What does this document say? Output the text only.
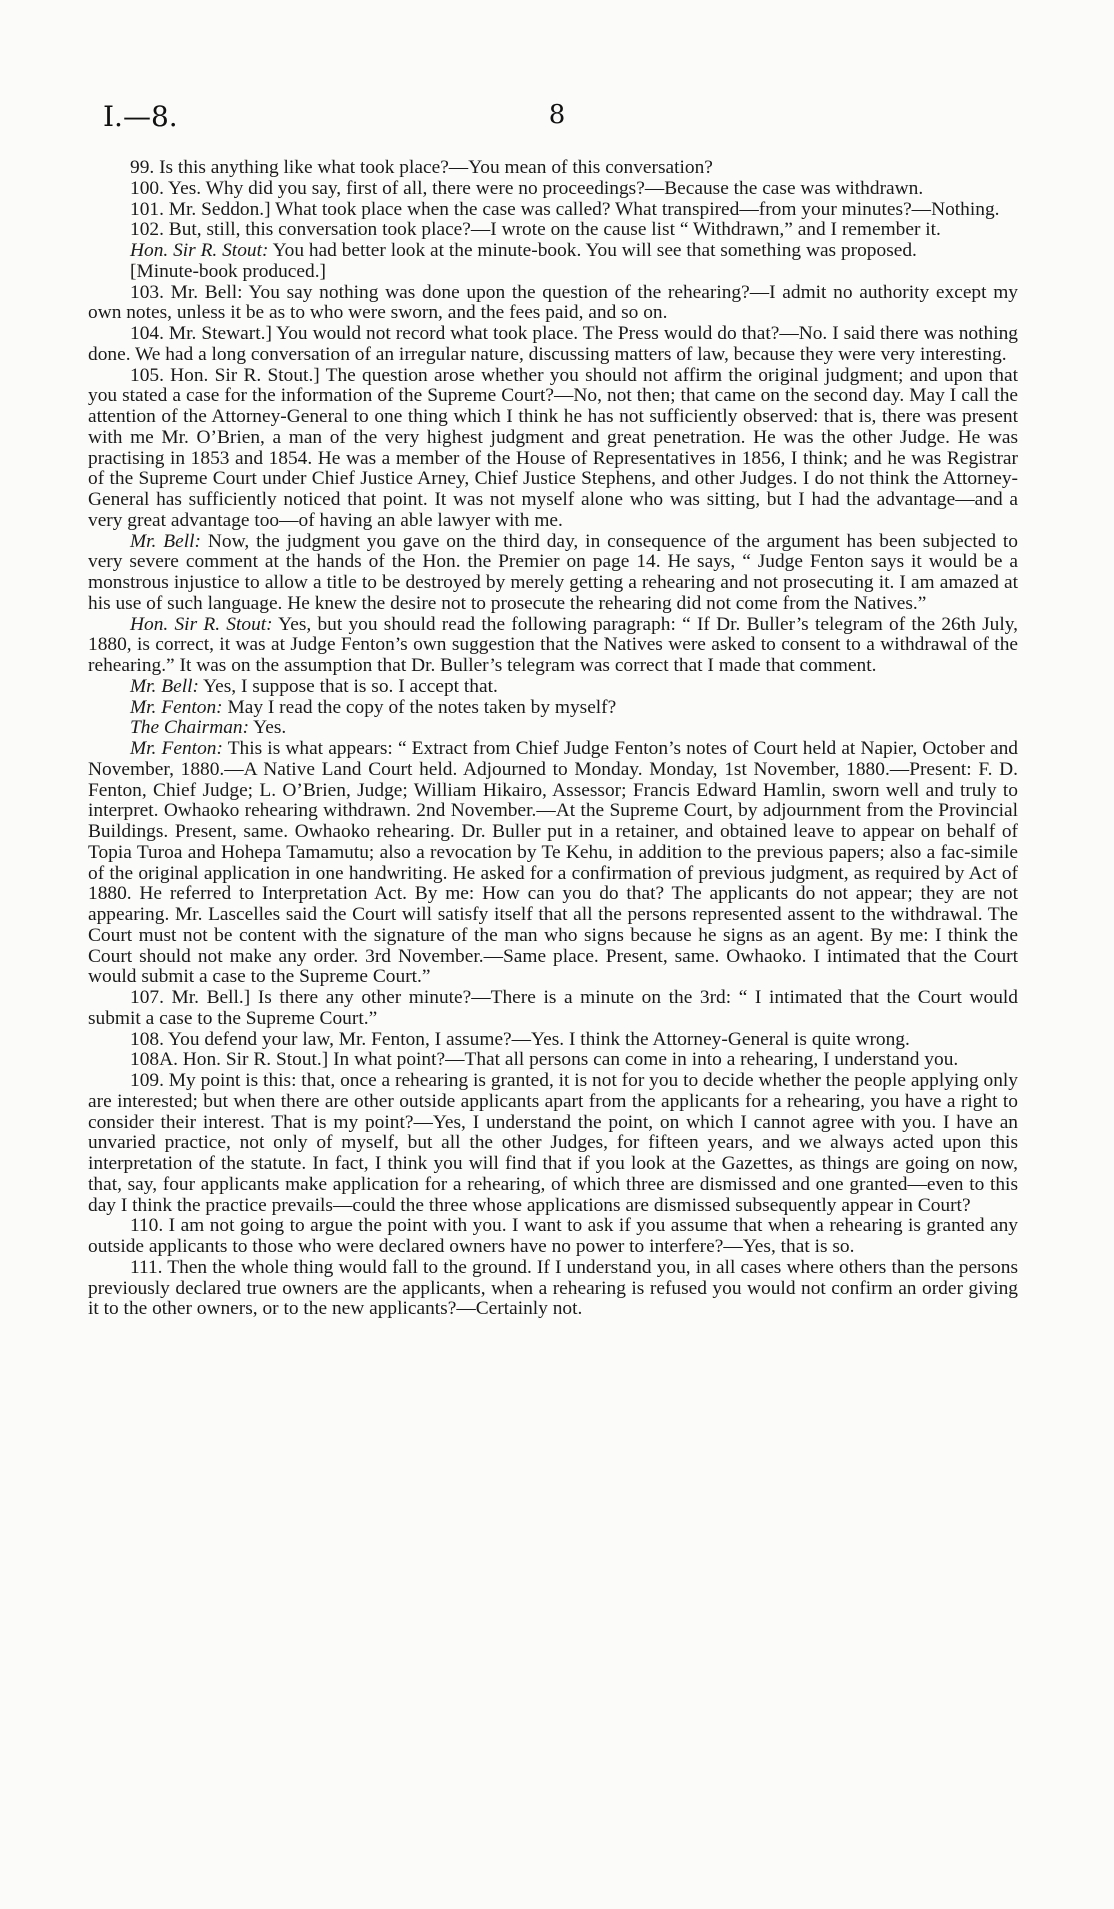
I.—8.	8

99. Is this anything like what took place?—You mean of this conversation?

100. Yes. Why did you say, first of all, there were no proceedings?—Because the case was withdrawn.

101. Mr. Seddon.] What took place when the case was called? What transpired—from your minutes?—Nothing.

102. But, still, this conversation took place?—I wrote on the cause list “ Withdrawn,” and I remember it.

Hon. Sir R. Stout: You had better look at the minute-book. You will see that something was proposed.

[Minute-book produced.]

103. Mr. Bell: You say nothing was done upon the question of the rehearing?—I admit no authority except my own notes, unless it be as to who were sworn, and the fees paid, and so on.

104. Mr. Stewart.] You would not record what took place. The Press would do that?—No. I said there was nothing done. We had a long conversation of an irregular nature, discussing matters of law, because they were very interesting.

105. Hon. Sir R. Stout.] The question arose whether you should not affirm the original judgment; and upon that you stated a case for the information of the Supreme Court?—No, not then; that came on the second day. May I call the attention of the Attorney-General to one thing which I think he has not sufficiently observed: that is, there was present with me Mr. O’Brien, a man of the very highest judgment and great penetration. He was the other Judge. He was practising in 1853 and 1854. He was a member of the House of Representatives in 1856, I think; and he was Registrar of the Supreme Court under Chief Justice Arney, Chief Justice Stephens, and other Judges. I do not think the Attorney-General has sufficiently noticed that point. It was not myself alone who was sitting, but I had the advantage—and a very great advantage too—of having an able lawyer with me.

Mr. Bell: Now, the judgment you gave on the third day, in consequence of the argument has been subjected to very severe comment at the hands of the Hon. the Premier on page 14. He says, “ Judge Fenton says it would be a monstrous injustice to allow a title to be destroyed by merely getting a rehearing and not prosecuting it. I am amazed at his use of such language. He knew the desire not to prosecute the rehearing did not come from the Natives.”

Hon. Sir R. Stout: Yes, but you should read the following paragraph: “ If Dr. Buller’s telegram of the 26th July, 1880, is correct, it was at Judge Fenton’s own suggestion that the Natives were asked to consent to a withdrawal of the rehearing.” It was on the assumption that Dr. Buller’s telegram was correct that I made that comment.

Mr. Bell: Yes, I suppose that is so. I accept that.

Mr. Fenton: May I read the copy of the notes taken by myself?

The Chairman: Yes.

Mr. Fenton: This is what appears: “ Extract from Chief Judge Fenton’s notes of Court held at Napier, October and November, 1880.—A Native Land Court held. Adjourned to Monday. Monday, 1st November, 1880.—Present: F. D. Fenton, Chief Judge; L. O’Brien, Judge; William Hikairo, Assessor; Francis Edward Hamlin, sworn well and truly to interpret. Owhaoko rehearing withdrawn. 2nd November.—At the Supreme Court, by adjournment from the Provincial Buildings. Present, same. Owhaoko rehearing. Dr. Buller put in a retainer, and obtained leave to appear on behalf of Topia Turoa and Hohepa Tamamutu; also a revocation by Te Kehu, in addition to the previous papers; also a fac-simile of the original application in one handwriting. He asked for a confirmation of previous judgment, as required by Act of 1880. He referred to Interpretation Act. By me: How can you do that? The applicants do not appear; they are not appearing. Mr. Lascelles said the Court will satisfy itself that all the persons represented assent to the withdrawal. The Court must not be content with the signature of the man who signs because he signs as an agent. By me: I think the Court should not make any order. 3rd November.—Same place. Present, same. Owhaoko. I intimated that the Court would submit a case to the Supreme Court.”

107. Mr. Bell.] Is there any other minute?—There is a minute on the 3rd: “ I intimated that the Court would submit a case to the Supreme Court.”

108. You defend your law, Mr. Fenton, I assume?—Yes. I think the Attorney-General is quite wrong.

108A. Hon. Sir R. Stout.] In what point?—That all persons can come in into a rehearing, I understand you.

109. My point is this: that, once a rehearing is granted, it is not for you to decide whether the people applying only are interested; but when there are other outside applicants apart from the applicants for a rehearing, you have a right to consider their interest. That is my point?—Yes, I understand the point, on which I cannot agree with you. I have an unvaried practice, not only of myself, but all the other Judges, for fifteen years, and we always acted upon this interpretation of the statute. In fact, I think you will find that if you look at the Gazettes, as things are going on now, that, say, four applicants make application for a rehearing, of which three are dismissed and one granted—even to this day I think the practice prevails—could the three whose applications are dismissed subsequently appear in Court?

110. I am not going to argue the point with you. I want to ask if you assume that when a rehearing is granted any outside applicants to those who were declared owners have no power to interfere?—Yes, that is so.

111. Then the whole thing would fall to the ground. If I understand you, in all cases where others than the persons previously declared true owners are the applicants, when a rehearing is refused you would not confirm an order giving it to the other owners, or to the new applicants?—Certainly not.
